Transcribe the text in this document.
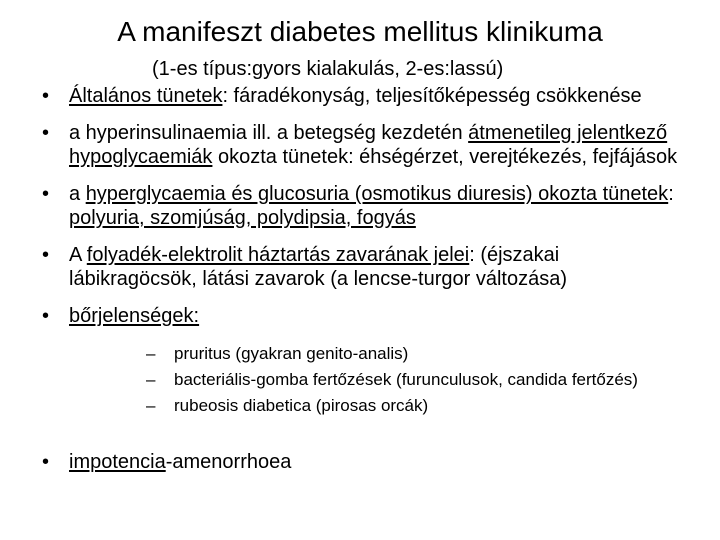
A manifeszt diabetes mellitus klinikuma
(1-es típus:gyors kialakulás, 2-es:lassú)
• Általános tünetek: fáradékonyság, teljesítőképesség csökkenése
• a hyperinsulinaemia ill. a betegség kezdetén átmenetileg jelentkező hypoglycaemiák okozta tünetek: éhségérzet, verejtékezés, fejfájások
• a hyperglycaemia és glucosuria (osmotikus diuresis) okozta tünetek: polyuria, szomjúság, polydipsia, fogyás
• A folyadék-elektrolit háztartás zavarának jelei: (éjszakai lábikragöcsök, látási zavarok (a lencse-turgor változása)
• bőrjelenségek:
– pruritus (gyakran genito-analis)
– bacteriális-gomba fertőzések (furunculusok, candida fertőzés)
– rubeosis diabetica (pirosas orcák)
• impotencia-amenorrhoea
